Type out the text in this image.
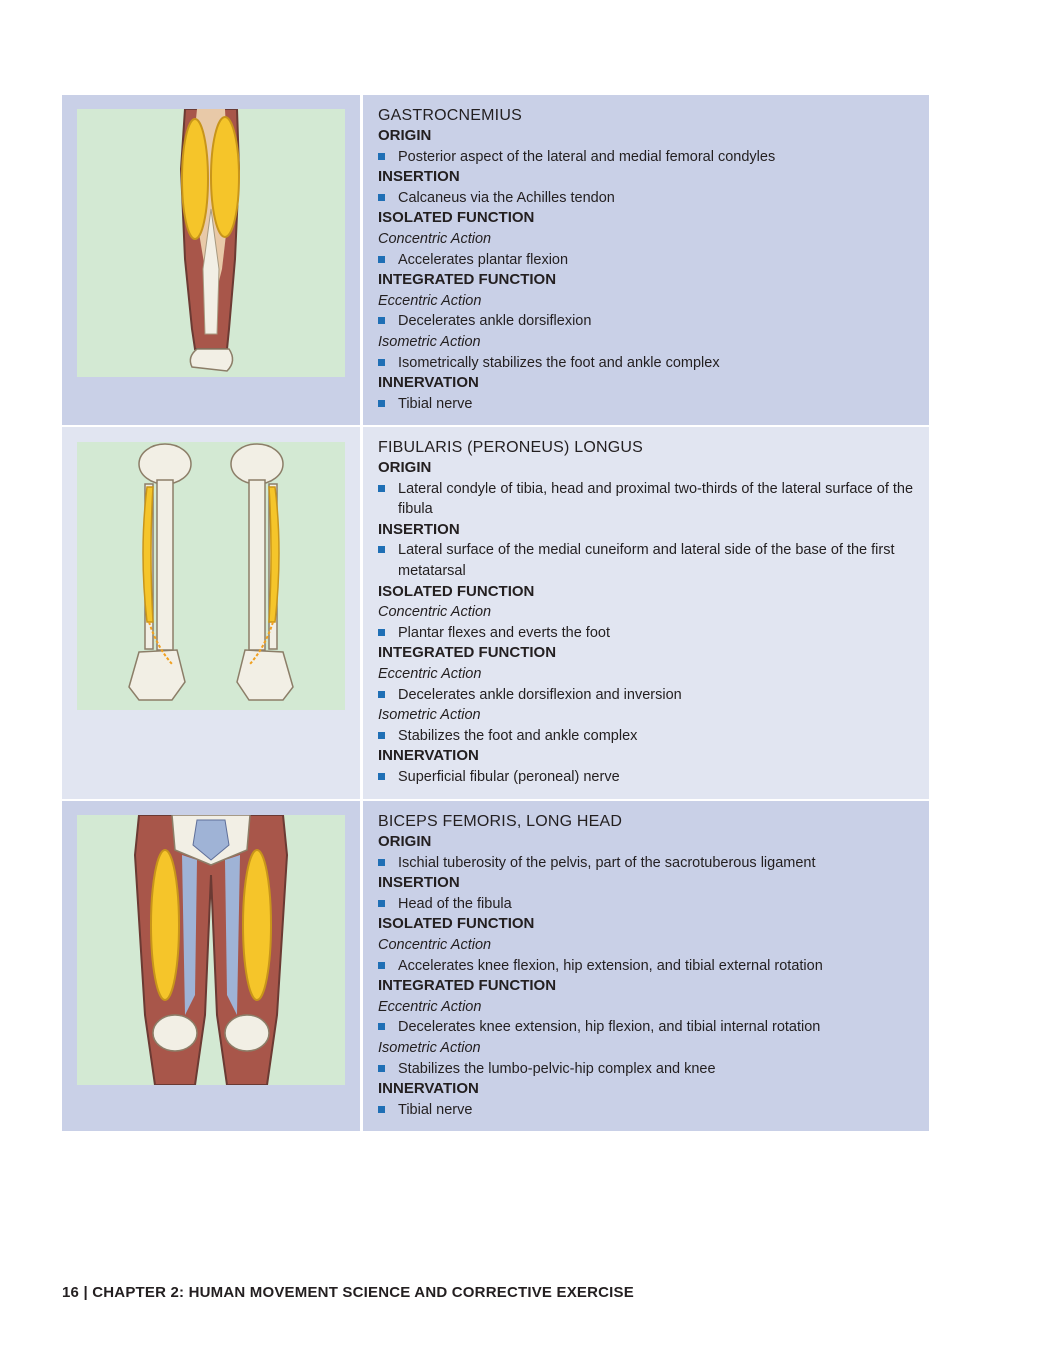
GASTROCNEMIUS
ORIGIN
Posterior aspect of the lateral and medial femoral condyles
INSERTION
Calcaneus via the Achilles tendon
ISOLATED FUNCTION
Concentric Action
Accelerates plantar flexion
INTEGRATED FUNCTION
Eccentric Action
Decelerates ankle dorsiflexion
Isometric Action
Isometrically stabilizes the foot and ankle complex
INNERVATION
Tibial nerve
FIBULARIS (PERONEUS) LONGUS
ORIGIN
Lateral condyle of tibia, head and proximal two-thirds of the lateral surface of the fibula
INSERTION
Lateral surface of the medial cuneiform and lateral side of the base of the first metatarsal
ISOLATED FUNCTION
Concentric Action
Plantar flexes and everts the foot
INTEGRATED FUNCTION
Eccentric Action
Decelerates ankle dorsiflexion and inversion
Isometric Action
Stabilizes the foot and ankle complex
INNERVATION
Superficial fibular (peroneal) nerve
BICEPS FEMORIS, LONG HEAD
ORIGIN
Ischial tuberosity of the pelvis, part of the sacrotuberous ligament
INSERTION
Head of the fibula
ISOLATED FUNCTION
Concentric Action
Accelerates knee flexion, hip extension, and tibial external rotation
INTEGRATED FUNCTION
Eccentric Action
Decelerates knee extension, hip flexion, and tibial internal rotation
Isometric Action
Stabilizes the lumbo-pelvic-hip complex and knee
INNERVATION
Tibial nerve
16 | CHAPTER 2: HUMAN MOVEMENT SCIENCE AND CORRECTIVE EXERCISE
